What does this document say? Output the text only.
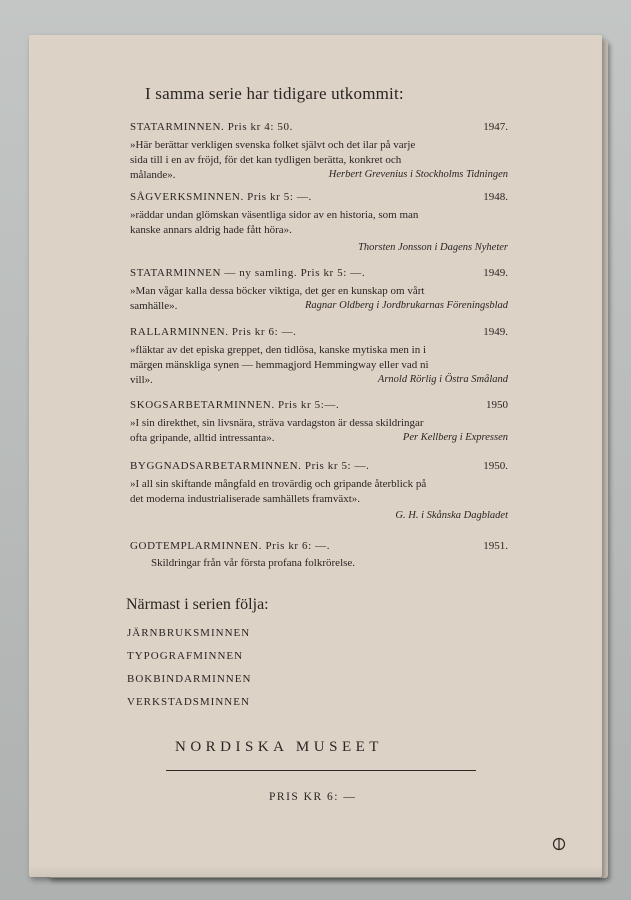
I samma serie har tidigare utkommit:
STATARMINNEN. Pris kr 4: 50.	1947.
»Här berättar verkligen svenska folket självt och det ilar på varje
sida till i en av fröjd, för det kan tydligen berätta, konkret och
målande».	Herbert Grevenius i Stockholms Tidningen
SÅGVERKSMINNEN. Pris kr 5: —.	1948.
»räddar undan glömskan väsentliga sidor av en historia, som man
kanske annars aldrig hade fått höra».
Thorsten Jonsson i Dagens Nyheter
STATARMINNEN — ny samling. Pris kr 5: —.	1949.
»Man vågar kalla dessa böcker viktiga, det ger en kunskap om vårt
samhälle».	Ragnar Oldberg i Jordbrukarnas Föreningsblad
RALLARMINNEN. Pris kr 6: —.	1949.
»fläktar av det episka greppet, den tidlösa, kanske mytiska men in i
märgen mänskliga synen — hemmagjord Hemmingway eller vad ni
vill».	Arnold Rörlig i Östra Småland
SKOGSARBETARMINNEN. Pris kr 5:—.	1950
»I sin direkthet, sin livsnära, sträva vardagston är dessa skildringar
ofta gripande, alltid intressanta».	Per Kellberg i Expressen
BYGGNADSARBETARMINNEN. Pris kr 5: —.	1950.
»I all sin skiftande mångfald en trovärdig och gripande återblick på
det moderna industrialiserade samhällets framväxt».
G. H. i Skånska Dagbladet
GODTEMPLARMINNEN. Pris kr 6: —.	1951.
Skildringar från vår första profana folkrörelse.
Närmast i serien följa:
JÄRNBRUKSMINNEN
TYPOGRAFMINNEN
BOKBINDARMINNEN
VERKSTADSMINNEN
NORDISKA MUSEET
PRIS KR 6: —
